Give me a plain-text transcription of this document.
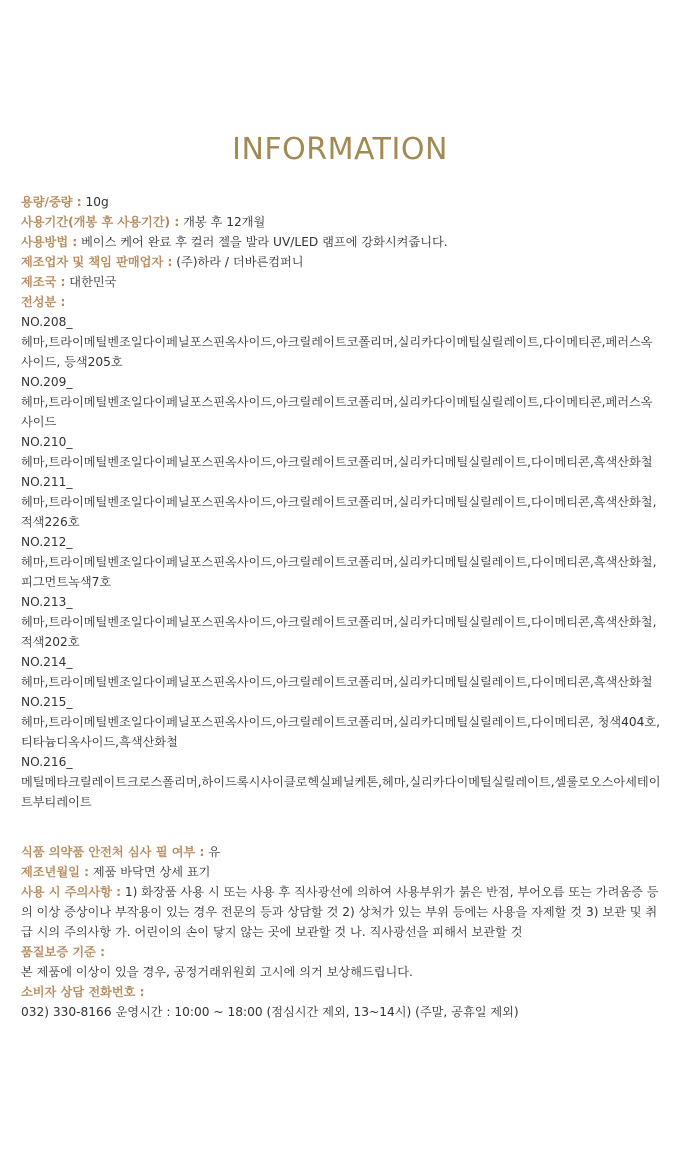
INFORMATION

용량/중량 : 10g

사용기간(개봉 후 사용기간) : 개봉 후 12개월

사용방법 : 베이스 케어 완료 후 컬러 젤을 발라 UV/LED 램프에 강화시켜줍니다.

제조업자 및 책임 판매업자 : (주)하라 / 더바른컴퍼니

제조국 : 대한민국

전성분 :

NO.208_

헤마,트라이메틸벤조일다이페닐포스핀옥사이드,아크릴레이트코폴리머,실리카다이메틸실릴레이트,다이메티콘,페러스옥사이드, 등색205호

NO.209_

헤마,트라이메틸벤조일다이페닐포스핀옥사이드,아크릴레이트코폴리머,실리카다이메틸실릴레이트,다이메티콘,페러스옥사이드

NO.210_

헤마,트라이메틸벤조일다이페닐포스핀옥사이드,아크릴레이트코폴리머,실리카디메틸실릴레이트,다이메티콘,흑색산화철

NO.211_

헤마,트라이메틸벤조일다이페닐포스핀옥사이드,아크릴레이트코폴리머,실리카디메틸실릴레이트,다이메티콘,흑색산화철, 적색226호

NO.212_

헤마,트라이메틸벤조일다이페닐포스핀옥사이드,아크릴레이트코폴리머,실리카디메틸실릴레이트,다이메티콘,흑색산화철, 피그먼트녹색7호

NO.213_

헤마,트라이메틸벤조일다이페닐포스핀옥사이드,아크릴레이트코폴리머,실리카디메틸실릴레이트,다이메티콘,흑색산화철, 적색202호

NO.214_

헤마,트라이메틸벤조일다이페닐포스핀옥사이드,아크릴레이트코폴리머,실리카디메틸실릴레이트,다이메티콘,흑색산화철

NO.215_

헤마,트라이메틸벤조일다이페닐포스핀옥사이드,아크릴레이트코폴리머,실리카디메틸실릴레이트,다이메티콘, 청색404호,티타늄디옥사이드,흑색산화철

NO.216_

메틸메타크릴레이트크로스폴리머,하이드록시사이클로헥실페닐케톤,헤마,실리카다이메틸실릴레이트,셀룰로오스아세테이트부티레이트

식품 의약품 안전처 심사 필 여부 : 유

제조년월일 : 제품 바닥면 상세 표기

사용 시 주의사항 : 1) 화장품 사용 시 또는 사용 후 직사광선에 의하여 사용부위가 붉은 반점, 부어오름 또는 가려움증 등의 이상 증상이나 부작용이 있는 경우 전문의 등과 상담할 것 2) 상처가 있는 부위 등에는 사용을 자제할 것 3) 보관 및 취급 시의 주의사항 가. 어린이의 손이 닿지 않는 곳에 보관할 것 나. 직사광선을 피해서 보관할 것

품질보증 기준 :

본 제품에 이상이 있을 경우, 공정거래위원회 고시에 의거 보상해드립니다.

소비자 상담 전화번호 :

032) 330-8166 운영시간 : 10:00 ~ 18:00 (점심시간 제외, 13~14시) (주말, 공휴일 제외)
